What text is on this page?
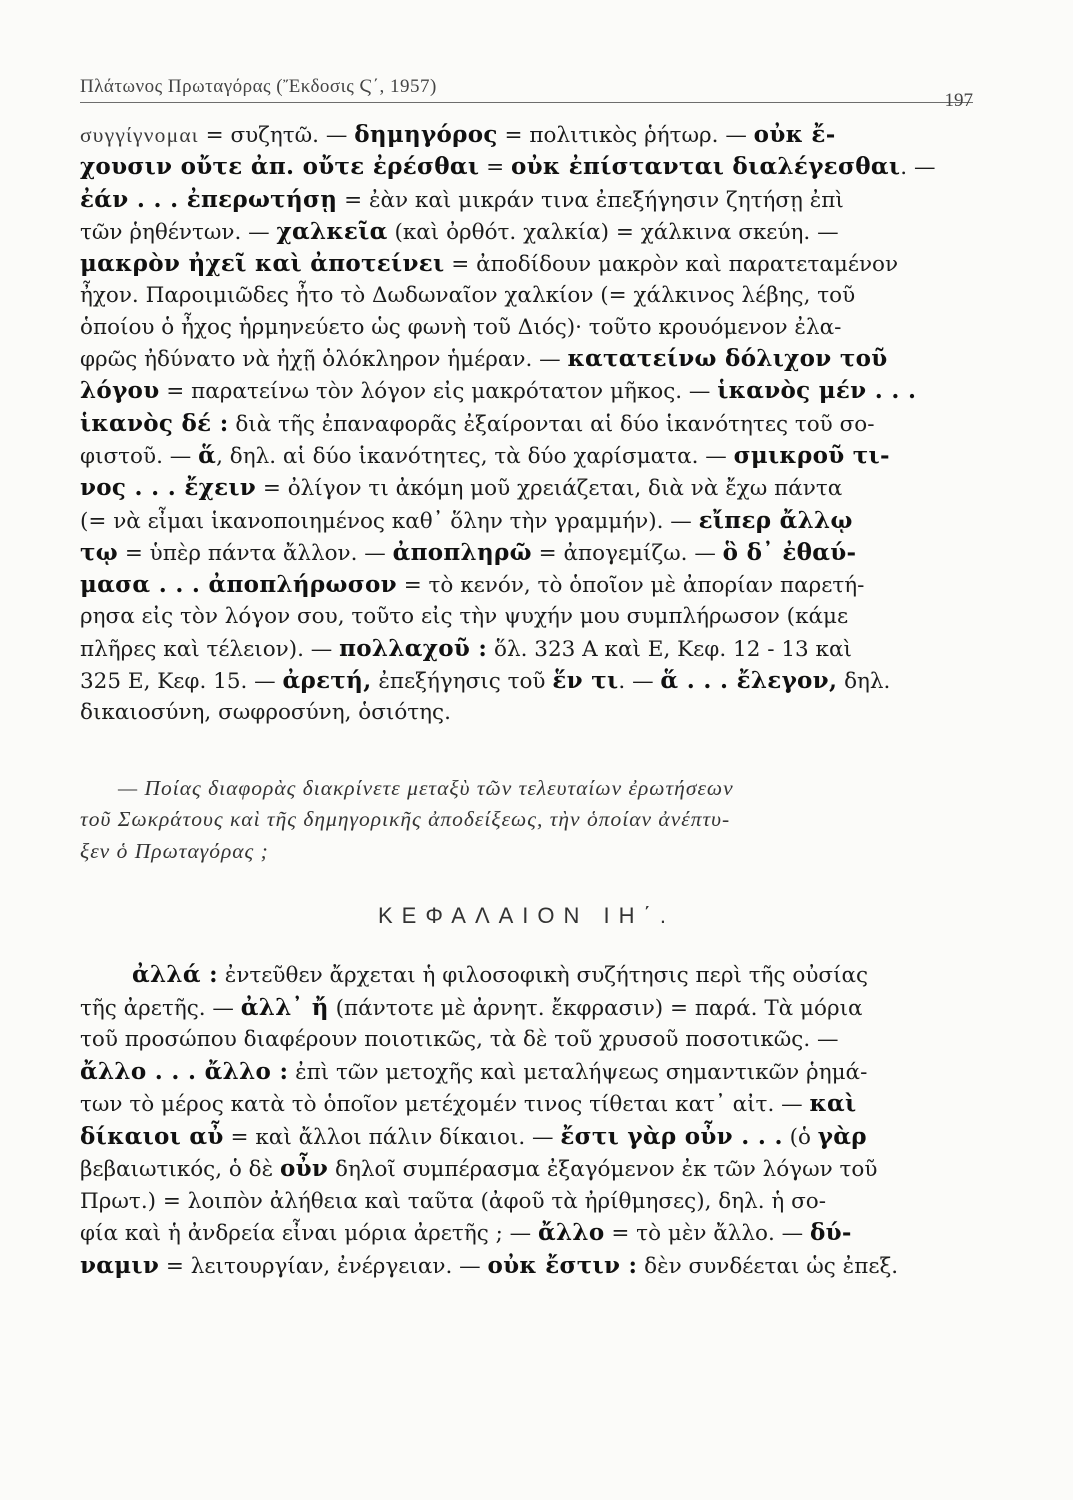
Πλάτωνος Πρωταγόρας (Ἔκδοσις Ϛ΄, 1957)
197
συγγίγνομαι = συζητῶ. — δημηγόρος = πολιτικὸς ῥήτωρ. — οὐκ ἔ-
χουσιν οὔτε ἀπ. οὔτε ἐρέσθαι = οὐκ ἐπίστανται διαλέγεσθαι. —
ἐάν . . . ἐπερωτήσῃ = ἐὰν καὶ μικράν τινα ἐπεξήγησιν ζητήσῃ ἐπὶ
τῶν ῥηθέντων. — χαλκεῖα (καὶ ὀρθότ. χαλκία) = χάλκινα σκεύη. —
μακρὸν ἠχεῖ καὶ ἀποτείνει = ἀποδίδουν μακρὸν καὶ παρατεταμένον
ἦχον. Παροιμιῶδες ἦτο τὸ Δωδωναῖον χαλκίον (= χάλκινος λέβης, τοῦ
ὁποίου ὁ ἦχος ἡρμηνεύετο ὡς φωνὴ τοῦ Διός)· τοῦτο κρουόμενον ἐλα-
φρῶς ἠδύνατο νὰ ἠχῇ ὁλόκληρον ἡμέραν. — κατατείνω δόλιχον τοῦ
λόγου = παρατείνω τὸν λόγον εἰς μακρότατον μῆκος. — ἱκανὸς μέν . . .
ἱκανὸς δέ : διὰ τῆς ἐπαναφορᾶς ἐξαίρονται αἱ δύο ἱκανότητες τοῦ σο-
φιστοῦ. — ἅ, δηλ. αἱ δύο ἱκανότητες, τὰ δύο χαρίσματα. — σμικροῦ τι-
νος . . . ἔχειν = ὀλίγον τι ἀκόμη μοῦ χρειάζεται, διὰ νὰ ἔχω πάντα
(= νὰ εἶμαι ἱκανοποιημένος καθ᾽ ὅλην τὴν γραμμήν). — εἴπερ ἄλλῳ
τῳ = ὑπὲρ πάντα ἄλλον. — ἀποπληρῶ = ἀπογεμίζω. — ὃ δ᾽ ἐθαύ-
μασα . . . ἀποπλήρωσον = τὸ κενόν, τὸ ὁποῖον μὲ ἀπορίαν παρετή-
ρησα εἰς τὸν λόγον σου, τοῦτο εἰς τὴν ψυχήν μου συμπλήρωσον (κάμε
πλῆρες καὶ τέλειον). — πολλαχοῦ : ὅλ. 323 Α καὶ Ε, Κεφ. 12 - 13 καὶ
325 Ε, Κεφ. 15. — ἀρετή, ἐπεξήγησις τοῦ ἕν τι. — ἅ . . . ἔλεγον, δηλ.
δικαιοσύνη, σωφροσύνη, ὁσιότης.
— Ποίας διαφορὰς διακρίνετε μεταξὺ τῶν τελευταίων ἐρωτήσεων
τοῦ Σωκράτους καὶ τῆς δημηγορικῆς ἀποδείξεως, τὴν ὁποίαν ἀνέπτυ-
ξεν ὁ Πρωταγόρας ;
ΚΕΦΑΛΑΙΟΝ ΙΗ΄.
ἀλλά : ἐντεῦθεν ἄρχεται ἡ φιλοσοφικὴ συζήτησις περὶ τῆς οὐσίας
τῆς ἀρετῆς. — ἀλλ᾽ ἤ (πάντοτε μὲ ἀρνητ. ἔκφρασιν) = παρά. Τὰ μόρια
τοῦ προσώπου διαφέρουν ποιοτικῶς, τὰ δὲ τοῦ χρυσοῦ ποσοτικῶς. —
ἄλλο . . . ἄλλο : ἐπὶ τῶν μετοχῆς καὶ μεταλήψεως σημαντικῶν ῥημά-
των τὸ μέρος κατὰ τὸ ὁποῖον μετέχομέν τινος τίθεται κατ᾽ αἰτ. — καὶ
δίκαιοι αὖ = καὶ ἄλλοι πάλιν δίκαιοι. — ἔστι γὰρ οὖν . . . (ὁ γὰρ
βεβαιωτικός, ὁ δὲ οὖν δηλοῖ συμπέρασμα ἐξαγόμενον ἐκ τῶν λόγων τοῦ
Πρωτ.) = λοιπὸν ἀλήθεια καὶ ταῦτα (ἀφοῦ τὰ ἠρίθμησες), δηλ. ἡ σο-
φία καὶ ἡ ἀνδρεία εἶναι μόρια ἀρετῆς ; — ἄλλο = τὸ μὲν ἄλλο. — δύ-
ναμιν = λειτουργίαν, ἐνέργειαν. — οὐκ ἔστιν : δὲν συνδέεται ὡς ἐπεξ.
